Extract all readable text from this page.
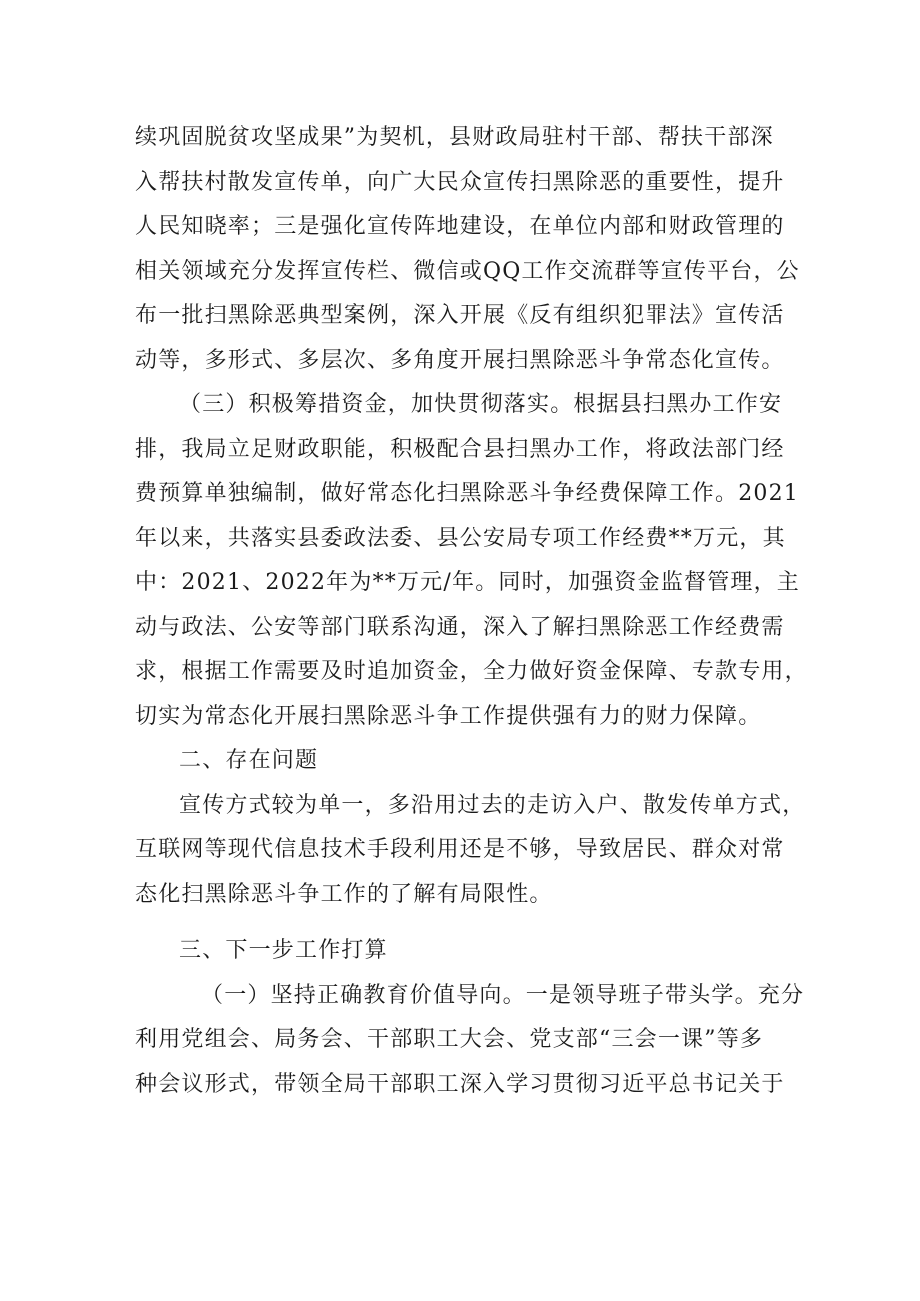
续巩固脱贫攻坚成果”为契机，县财政局驻村干部、帮扶干部深
入帮扶村散发宣传单，向广大民众宣传扫黑除恶的重要性，提升
人民知晓率；三是强化宣传阵地建设，在单位内部和财政管理的
相关领域充分发挥宣传栏、微信或QQ工作交流群等宣传平台，公
布一批扫黑除恶典型案例，深入开展《反有组织犯罪法》宣传活
动等，多形式、多层次、多角度开展扫黑除恶斗争常态化宣传。
（三）积极筹措资金，加快贯彻落实。根据县扫黑办工作安
排，我局立足财政职能，积极配合县扫黑办工作，将政法部门经
费预算单独编制，做好常态化扫黑除恶斗争经费保障工作。2021
年以来，共落实县委政法委、县公安局专项工作经费**万元，其
中：2021、2022年为**万元/年。同时，加强资金监督管理，主
动与政法、公安等部门联系沟通，深入了解扫黑除恶工作经费需
求，根据工作需要及时追加资金，全力做好资金保障、专款专用，
切实为常态化开展扫黑除恶斗争工作提供强有力的财力保障。
二、存在问题
宣传方式较为单一，多沿用过去的走访入户、散发传单方式，
互联网等现代信息技术手段利用还是不够，导致居民、群众对常
态化扫黑除恶斗争工作的了解有局限性。
三、下一步工作打算
（一）坚持正确教育价值导向。一是领导班子带头学。充分
利用党组会、局务会、干部职工大会、党支部“三会一课”等多
种会议形式，带领全局干部职工深入学习贯彻习近平总书记关于
